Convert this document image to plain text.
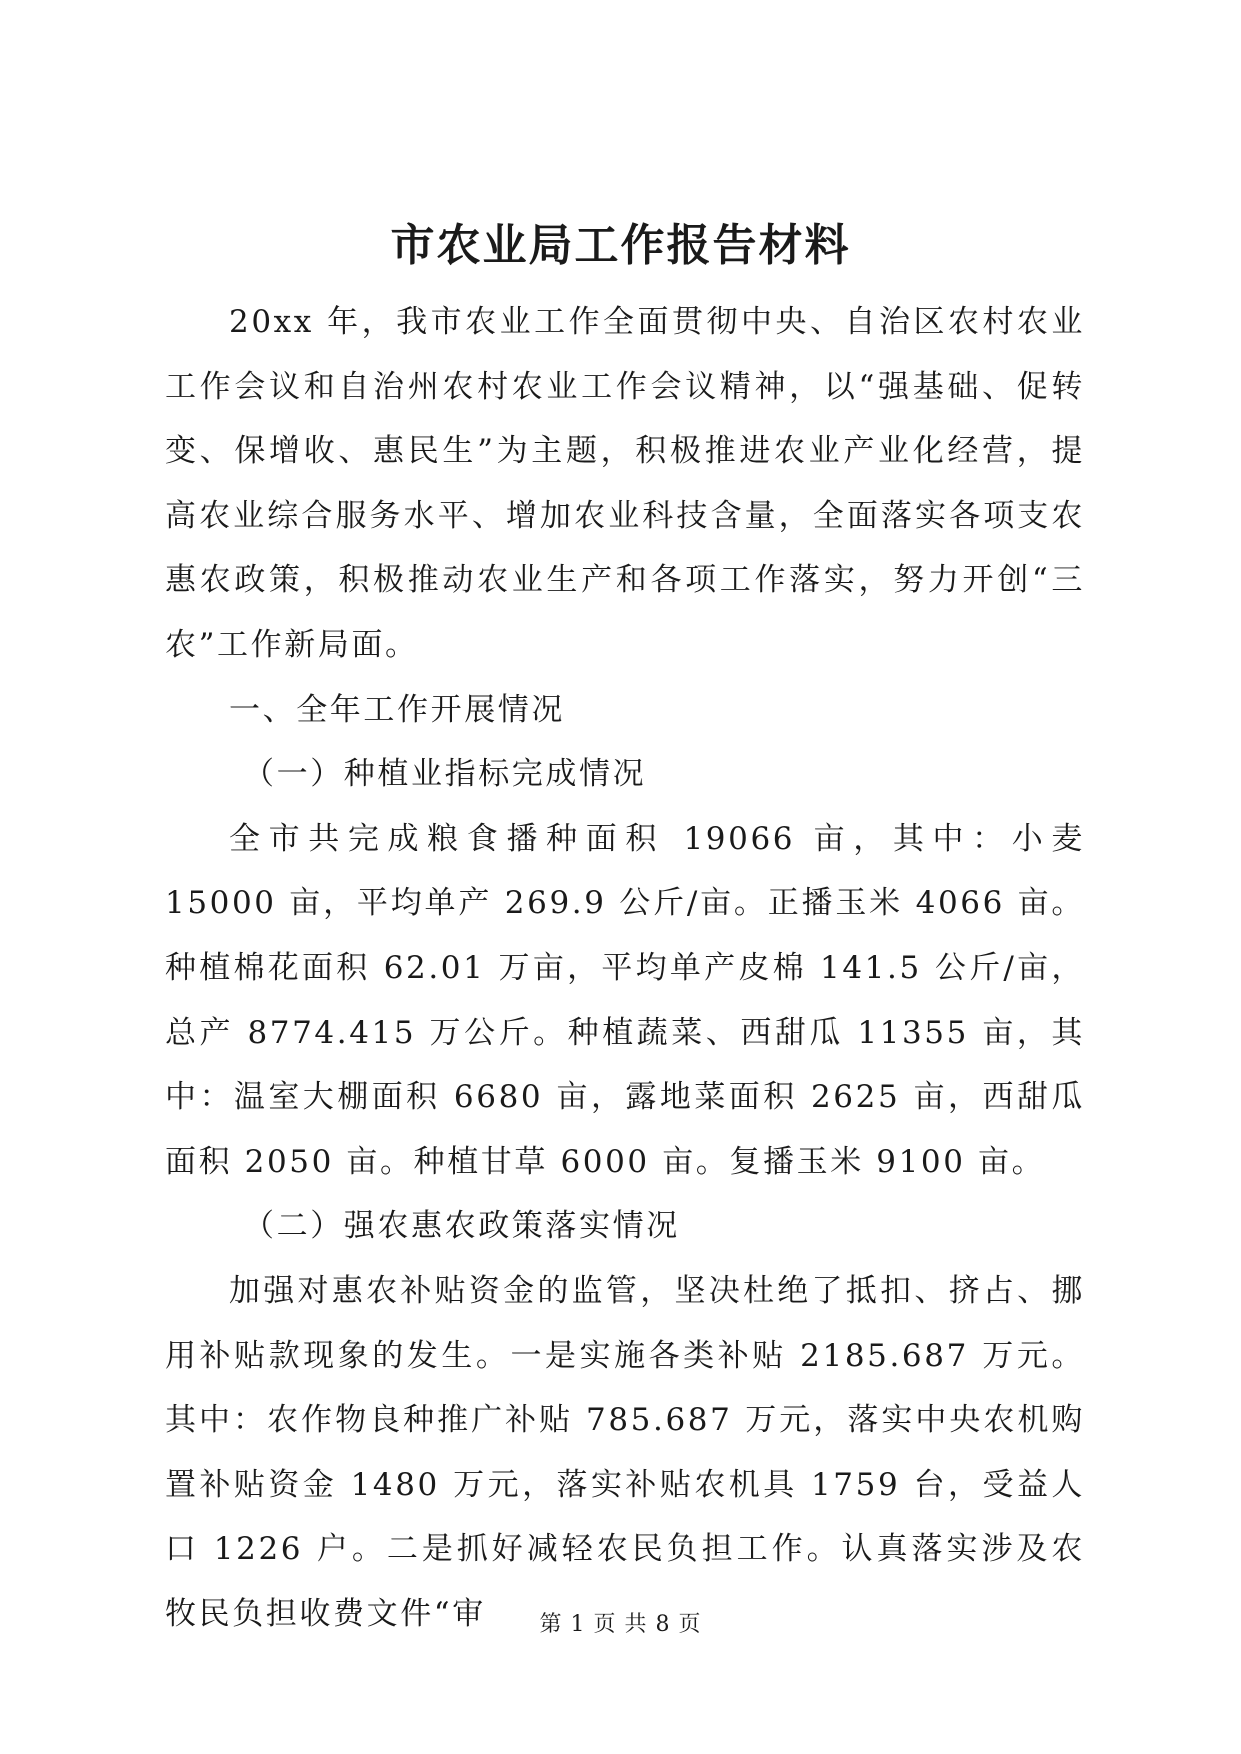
市农业局工作报告材料

20xx 年，我市农业工作全面贯彻中央、自治区农村农业工作会议和自治州农村农业工作会议精神，以“强基础、促转变、保增收、惠民生”为主题，积极推进农业产业化经营，提高农业综合服务水平、增加农业科技含量，全面落实各项支农惠农政策，积极推动农业生产和各项工作落实，努力开创“三农”工作新局面。

一、全年工作开展情况

（一）种植业指标完成情况

全市共完成粮食播种面积 19066 亩，其中：小麦 15000 亩，平均单产 269.9 公斤/亩。正播玉米 4066 亩。种植棉花面积 62.01 万亩，平均单产皮棉 141.5 公斤/亩，总产 8774.415 万公斤。种植蔬菜、西甜瓜 11355 亩，其中：温室大棚面积 6680 亩，露地菜面积 2625 亩，西甜瓜面积 2050 亩。种植甘草 6000 亩。复播玉米 9100 亩。

（二）强农惠农政策落实情况

加强对惠农补贴资金的监管，坚决杜绝了抵扣、挤占、挪用补贴款现象的发生。一是实施各类补贴 2185.687 万元。其中：农作物良种推广补贴 785.687 万元，落实中央农机购置补贴资金 1480 万元，落实补贴农机具 1759 台，受益人口 1226 户。二是抓好减轻农民负担工作。认真落实涉及农牧民负担收费文件“审	第 1 页 共 8 页
